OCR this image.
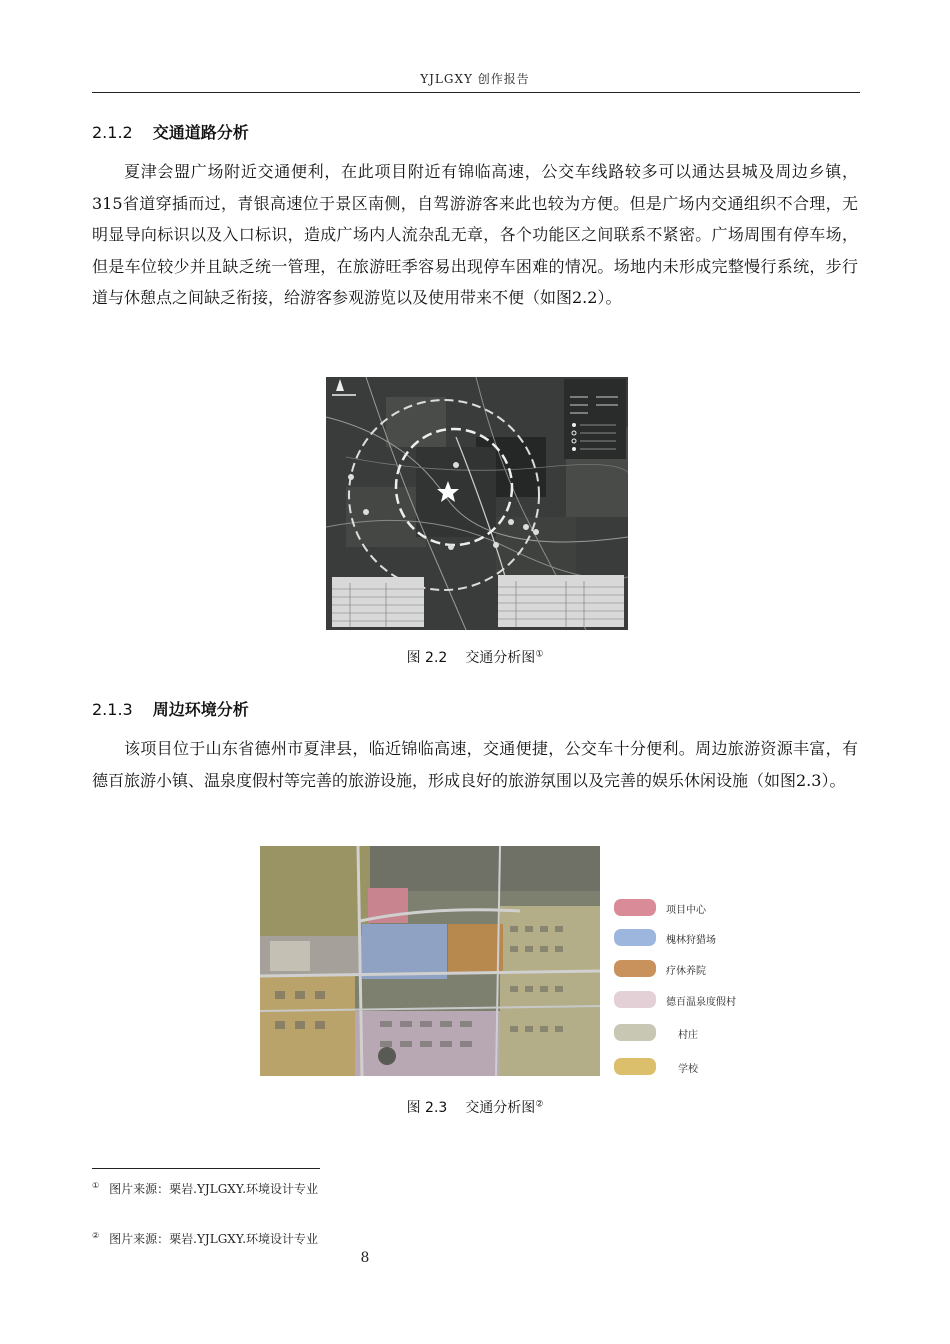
YJLGXY 创作报告
2.1.2 交通道路分析

夏津会盟广场附近交通便利，在此项目附近有锦临高速，公交车线路较多可以通达县城及周边乡镇，315省道穿插而过，青银高速位于景区南侧，自驾游游客来此也较为方便。但是广场内交通组织不合理，无明显导向标识以及入口标识，造成广场内人流杂乱无章，各个功能区之间联系不紧密。广场周围有停车场，但是车位较少并且缺乏统一管理，在旅游旺季容易出现停车困难的情况。场地内未形成完整慢行系统，步行道与休憩点之间缺乏衔接，给游客参观游览以及使用带来不便（如图2.2）。

图 2.2 交通分析图①
2.1.3 周边环境分析

该项目位于山东省德州市夏津县，临近锦临高速，交通便捷，公交车十分便利。周边旅游资源丰富，有德百旅游小镇、温泉度假村等完善的旅游设施，形成良好的旅游氛围以及完善的娱乐休闲设施（如图2.3）。

项目中心
槐林狩猎场
疗休养院
德百温泉度假村
村庄
学校
图 2.3 交通分析图②
① 图片来源：栗岩.YJLGXY.环境设计专业
② 图片来源：栗岩.YJLGXY.环境设计专业
8
